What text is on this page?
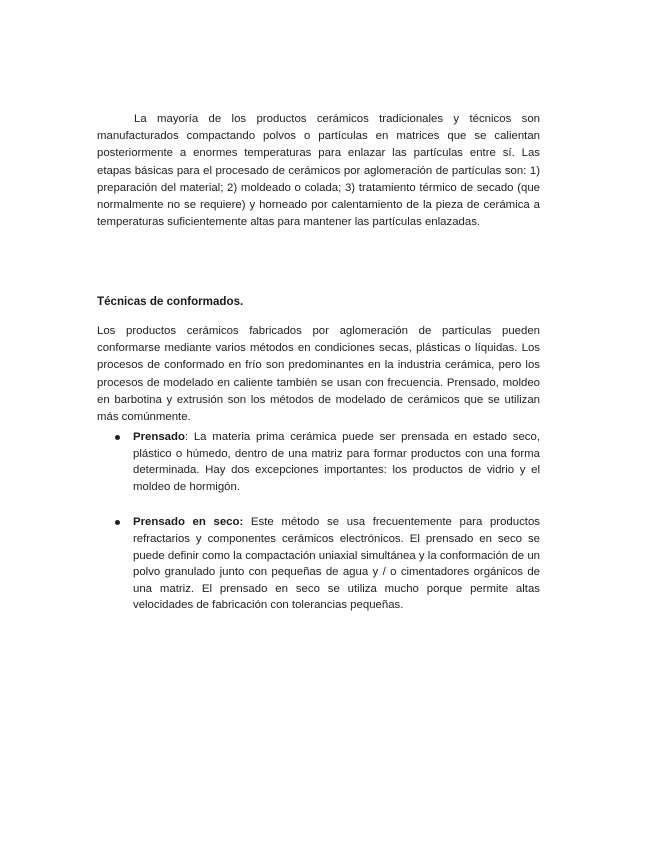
La mayoría de los productos cerámicos tradicionales y técnicos son manufacturados compactando polvos o partículas en matrices que se calientan posteriormente a enormes temperaturas para enlazar las partículas entre sí. Las etapas básicas para el procesado de cerámicos por aglomeración de partículas son: 1) preparación del material; 2) moldeado o colada; 3) tratamiento térmico de secado (que normalmente no se requiere) y horneado por calentamiento de la pieza de cerámica a temperaturas suficientemente altas para mantener las partículas enlazadas.

Técnicas de conformados.

Los productos cerámicos fabricados por aglomeración de partículas pueden conformarse mediante varios métodos en condiciones secas, plásticas o líquidas. Los procesos de conformado en frío son predominantes en la industria cerámica, pero los procesos de modelado en caliente también se usan con frecuencia. Prensado, moldeo en barbotina y extrusión son los métodos de modelado de cerámicos que se utilizan más comúnmente.

Prensado: La materia prima cerámica puede ser prensada en estado seco, plástico o húmedo, dentro de una matriz para formar productos con una forma determinada. Hay dos excepciones importantes: los productos de vidrio y el moldeo de hormigón.
Prensado en seco: Este método se usa frecuentemente para productos refractarios y componentes cerámicos electrónicos. El prensado en seco se puede definir como la compactación uniaxial simultánea y la conformación de un polvo granulado junto con pequeñas de agua y / o cimentadores orgánicos de una matriz. El prensado en seco se utiliza mucho porque permite altas velocidades de fabricación con tolerancias pequeñas.
